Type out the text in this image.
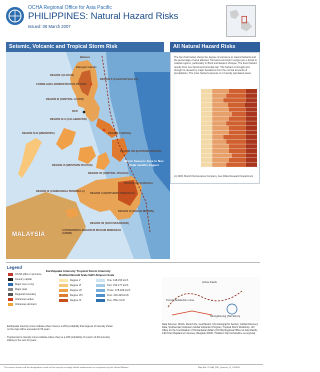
OCHA Regional Office for Asia Pacific
PHILIPPINES: Natural Hazard Risks
Issued: 08 March 2007
Seismic, Volcanic and Tropical Storm Risk	All Natural Hazard Risks
Batanes
Babuyan Islands
REGION I (ILOCOS)
CORDILLERA ADMINISTRATIVE REGION
REGION II (CAGAYAN VALLEY)
REGION III (CENTRAL LUZON)
NCR
REGION IV-A (CALABARZON)
REGION IV-B (MIMAROPA)	REGION V (BICOL)
REGION VI (WESTERN VISAYAS)
REGION VII (CENTRAL VISAYAS)
REGION VIII (EASTERN VISAYAS)
REGION IX (ZAMBOANGA PENINSULA)
REGION X (NORTHERN MINDANAO)
REGION XI (DAVAO REGION)
REGION XII (SOCCSKSARGEN)
REGION XIII (CARAGA)
AUTONOMOUS REGION IN MUSLIM MINDANAO (ARMM)
MALAYSIA
Storm Season: June to Nov Peak months August
The bar chart below shows the degree of exposure to natural hazards and the percentage of area affected. Tsunamis and storm surges are a threat to coastal regions, particularly in Bicol and Eastern Visayas. The flood hazard results from river flood and torrential rain. The hazard of drought and drought is caused by major deviations from the normal amounts of precipitation. The most hazard exposure is in heavily populated areas.
(c) 2006, Munich Reinsurance Company, Geo Risks Research Department
Legend
OCHA office in province
Country capital
Major river or city
Major road
Regional boundary
Volcanoes active
Volcanoes dormant
Earthquake Intensity Tropical Storm Intensity
Modified Mercalli Scale Saffir-Simpson Scale
Degree V
Degree VI
Degree VII
Degree VIII
Degree IX
One: 118-153 km/h
Two: 154-177 km/h
Three: 178-209 km/h
Four: 210-249 km/h
Five: 250+ km/h
Earthquake intensity zones indicate where there is a 20% probability that degrees of intensity shown on the map will be exceeded in 50 years.
Tropical storm intensity zones indicate where there is a 10% probability of a storm of this intensity striking in the next 10 years.
Active Faults
Trench/Subduction zone
Strengthening (Tail Storm)
Data Sources: NOAA, Munich Re, GeoHazard, UN Cartographic Section, Global Discovery Data, Smithsonian Institution Global Volcanism Program, Tropical Storm Workshop. UN Office for the Coordination of Humanitarian Affairs (OCHA) Regional Office for Asia Pacific, 14th Floor Rajdamnern Avenue, Bangkok 10200, Thailand. http://ochaonline.un.org/roap
The names shown and the designations used on this map do not imply official endorsement or acceptance by the United Nations.	Map Ref: OCHA_PHL_Hazard_v1_070308
